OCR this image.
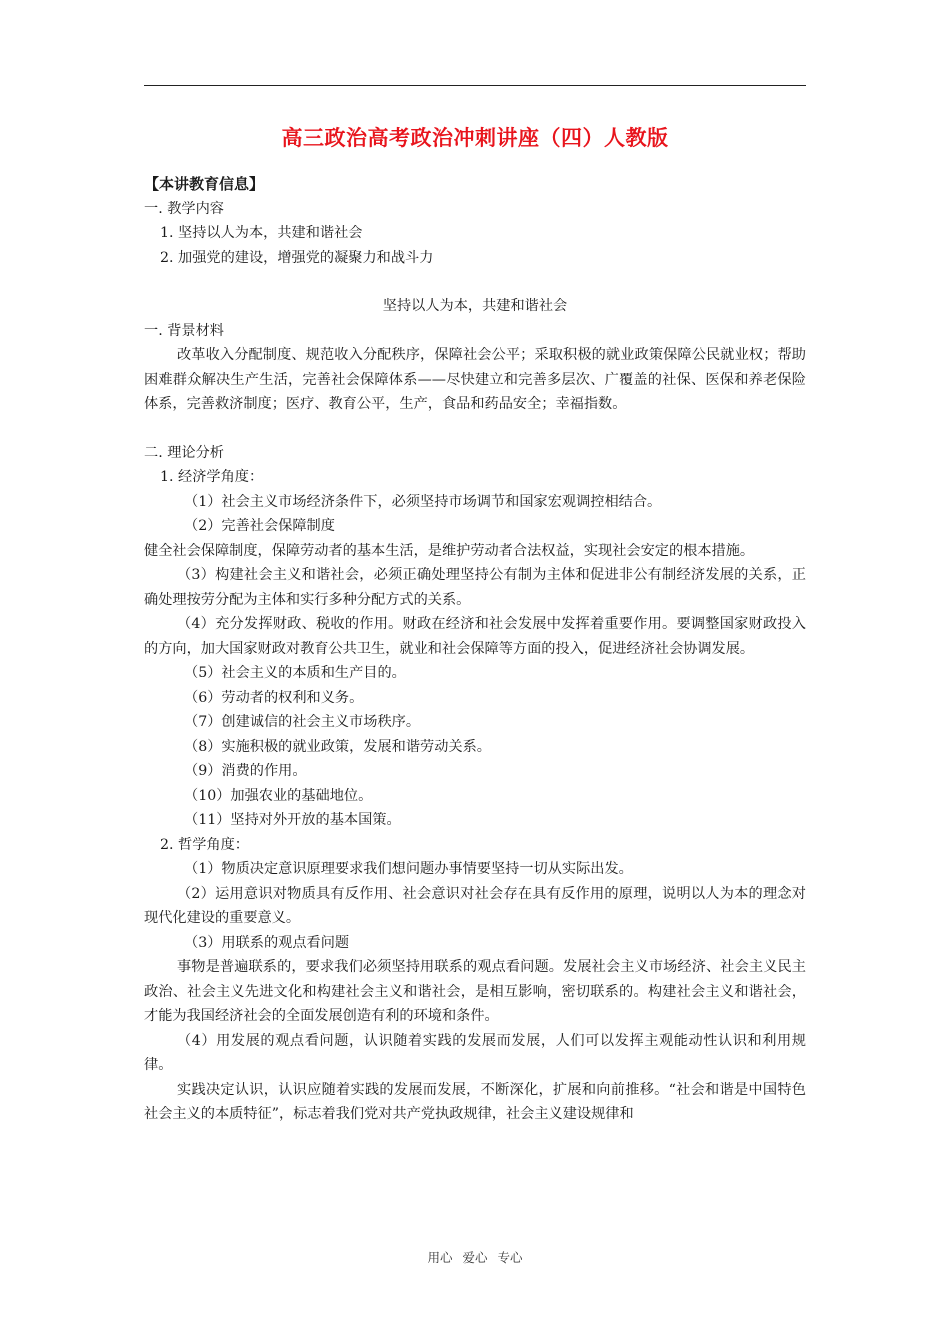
高三政治高考政治冲刺讲座（四）人教版

【本讲教育信息】

一. 教学内容

1. 坚持以人为本，共建和谐社会

2. 加强党的建设，增强党的凝聚力和战斗力

坚持以人为本，共建和谐社会

一. 背景材料

改革收入分配制度、规范收入分配秩序，保障社会公平；采取积极的就业政策保障公民就业权；帮助困难群众解决生产生活，完善社会保障体系——尽快建立和完善多层次、广覆盖的社保、医保和养老保险体系，完善救济制度；医疗、教育公平，生产，食品和药品安全；幸福指数。

二. 理论分析

1. 经济学角度：

（1）社会主义市场经济条件下，必须坚持市场调节和国家宏观调控相结合。

（2）完善社会保障制度

健全社会保障制度，保障劳动者的基本生活，是维护劳动者合法权益，实现社会安定的根本措施。

（3）构建社会主义和谐社会，必须正确处理坚持公有制为主体和促进非公有制经济发展的关系，正确处理按劳分配为主体和实行多种分配方式的关系。

（4）充分发挥财政、税收的作用。财政在经济和社会发展中发挥着重要作用。要调整国家财政投入的方向，加大国家财政对教育公共卫生，就业和社会保障等方面的投入，促进经济社会协调发展。

（5）社会主义的本质和生产目的。

（6）劳动者的权利和义务。

（7）创建诚信的社会主义市场秩序。

（8）实施积极的就业政策，发展和谐劳动关系。

（9）消费的作用。

（10）加强农业的基础地位。

（11）坚持对外开放的基本国策。

2. 哲学角度：

（1）物质决定意识原理要求我们想问题办事情要坚持一切从实际出发。

（2）运用意识对物质具有反作用、社会意识对社会存在具有反作用的原理，说明以人为本的理念对现代化建设的重要意义。

（3）用联系的观点看问题

事物是普遍联系的，要求我们必须坚持用联系的观点看问题。发展社会主义市场经济、社会主义民主政治、社会主义先进文化和构建社会主义和谐社会，是相互影响，密切联系的。构建社会主义和谐社会，才能为我国经济社会的全面发展创造有利的环境和条件。

（4）用发展的观点看问题，认识随着实践的发展而发展，人们可以发挥主观能动性认识和利用规律。

实践决定认识，认识应随着实践的发展而发展，不断深化，扩展和向前推移。“社会和谐是中国特色社会主义的本质特征”，标志着我们党对共产党执政规律，社会主义建设规律和

用心 爱心 专心
